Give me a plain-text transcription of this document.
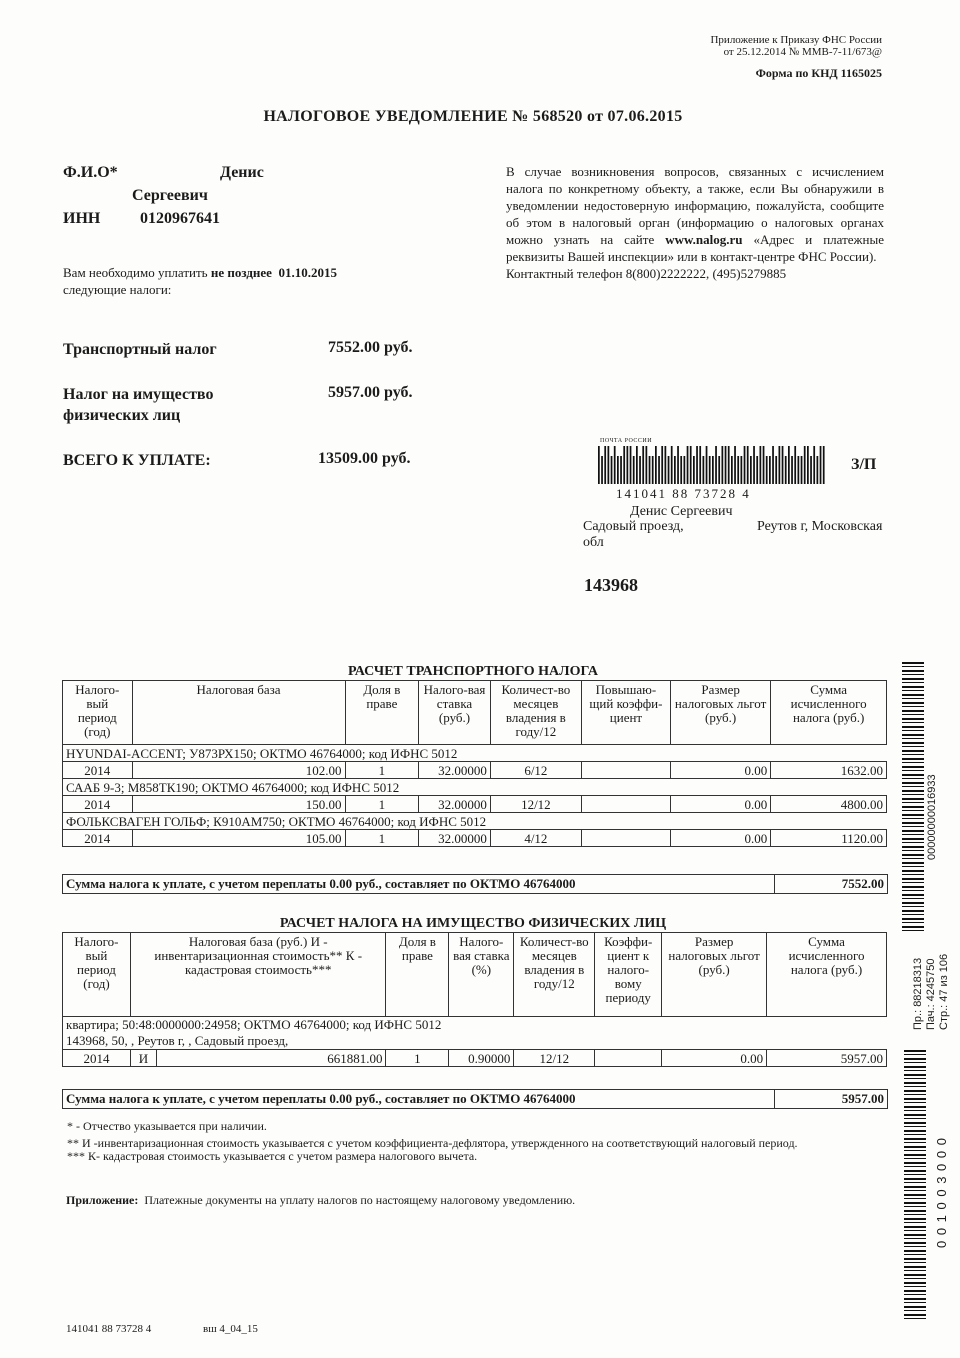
Приложение к Приказу ФНС России
от 25.12.2014 № ММВ-7-11/673@
Форма по КНД 1165025
НАЛОГОВОЕ УВЕДОМЛЕНИЕ № 568520 от 07.06.2015
Ф.И.О*	Денис
Сергеевич
ИНН 0120967641
Вам необходимо уплатить не позднее 01.10.2015
следующие налоги:
В случае возникновения вопросов, связанных с исчислением налога по конкретному объекту, а также, если Вы обнаружили в уведомлении недостоверную информацию, пожалуйста, сообщите об этом в налоговый орган (информацию о налоговых органах можно узнать на сайте www.nalog.ru «Адрес и платежные реквизиты Вашей инспекции» или в контакт-центре ФНС России).
Контактный телефон 8(800)2222222, (495)5279885
Транспортный налог	7552.00 руб.
Налог на имущество
физических лиц
5957.00 руб.
ВСЕГО К УПЛАТЕ:	13509.00 руб.
ПОЧТА РОССИИ
141041 88 73728 4
З/П
Денис Сергеевич
Садовый проезд,	Реутов г, Московская
обл
143968
РАСЧЕТ ТРАНСПОРТНОГО НАЛОГА
Налого-вый период (год)	Налоговая база	Доля в праве	Налого-вая ставка (руб.)	Количест-во месяцев владения в году/12	Повышаю-щий коэффи-циент	Размер налоговых льгот (руб.)	Сумма исчисленного налога (руб.)
HYUNDAI-ACCENT; У873РХ150; ОКТМО 46764000; код ИФНС 5012							
2014	102.00	1	32.00000	6/12		0.00	1632.00
СААБ 9-3; М858ТК190; ОКТМО 46764000; код ИФНС 5012							
2014	150.00	1	32.00000	12/12		0.00	4800.00
ФОЛЬКСВАГЕН ГОЛЬФ; К910АМ750; ОКТМО 46764000; код ИФНС 5012							
2014	105.00	1	32.00000	4/12		0.00	1120.00
Сумма налога к уплате, с учетом переплаты 0.00 руб., составляет по ОКТМО 46764000	7552.00
РАСЧЕТ НАЛОГА НА ИМУЩЕСТВО ФИЗИЧЕСКИХ ЛИЦ
Налого-вый период (год)	Налоговая база (руб.) И - инвентаризационная стоимость** К - кадастровая стоимость***		Доля в праве	Налого-вая ставка (%)	Количест-во месяцев владения в году/12	Коэффи-циент к налого-вому периоду	Размер налоговых льгот (руб.)	Сумма исчисленного налога (руб.)

квартира; 50:48:0000000:24958; ОКТМО 46764000; код ИФНС 5012
143968, 50, , Реутов г, , Садовый проезд,								

2014	И	661881.00	1	0.90000	12/12		0.00	5957.00
Сумма налога к уплате, с учетом переплаты 0.00 руб., составляет по ОКТМО 46764000	5957.00
* - Отчество указывается при наличии.
** И -инвентаризационная стоимость указывается с учетом коэффициента-дефлятора, утвержденного на соответствующий налоговый период.
*** К- кадастровая стоимость указывается с учетом размера налогового вычета.
Приложение: Платежные документы на уплату налогов по настоящему налоговому уведомлению.
141041 88 73728 4	вш 4_04_15
00000000016933
Пр.: 88218313 Пач.: 4245750 Стр.: 47 из 106
0 0 1 0 0 3 0 0 0
